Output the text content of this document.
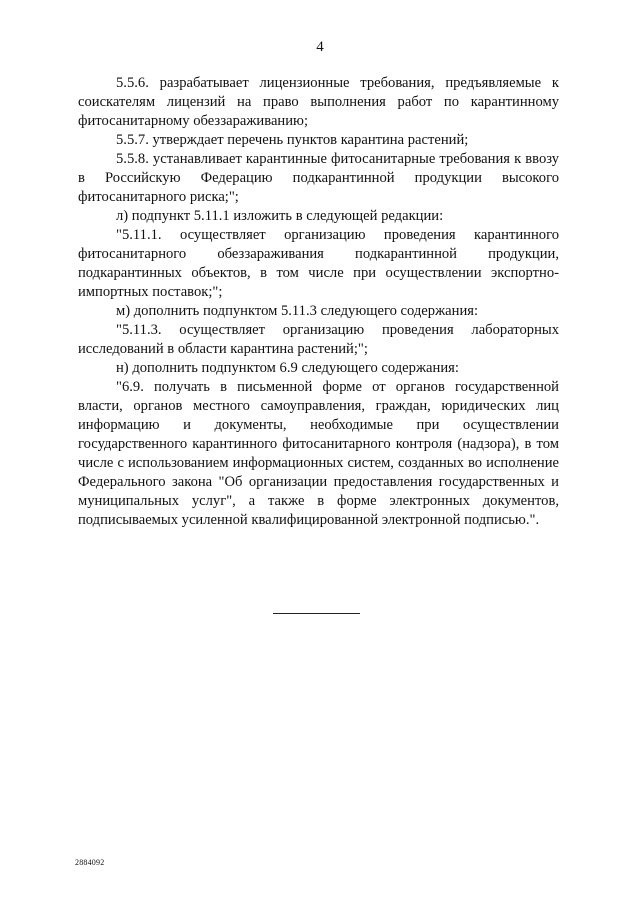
4

5.5.6. разрабатывает лицензионные требования, предъявляемые к соискателям лицензий на право выполнения работ по карантинному фитосанитарному обеззараживанию;

5.5.7. утверждает перечень пунктов карантина растений;

5.5.8. устанавливает карантинные фитосанитарные требования к ввозу в Российскую Федерацию подкарантинной продукции высокого фитосанитарного риска;";

л) подпункт 5.11.1 изложить в следующей редакции:

"5.11.1. осуществляет организацию проведения карантинного фитосанитарного обеззараживания подкарантинной продукции, подкарантинных объектов, в том числе при осуществлении экспортно-импортных поставок;";

м) дополнить подпунктом 5.11.3 следующего содержания:

"5.11.3. осуществляет организацию проведения лабораторных исследований в области карантина растений;";

н) дополнить подпунктом 6.9 следующего содержания:

"6.9. получать в письменной форме от органов государственной власти, органов местного самоуправления, граждан, юридических лиц информацию и документы, необходимые при осуществлении государственного карантинного фитосанитарного контроля (надзора), в том числе с использованием информационных систем, созданных во исполнение Федерального закона "Об организации предоставления государственных и муниципальных услуг", а также в форме электронных документов, подписываемых усиленной квалифицированной электронной подписью.".

2884092
